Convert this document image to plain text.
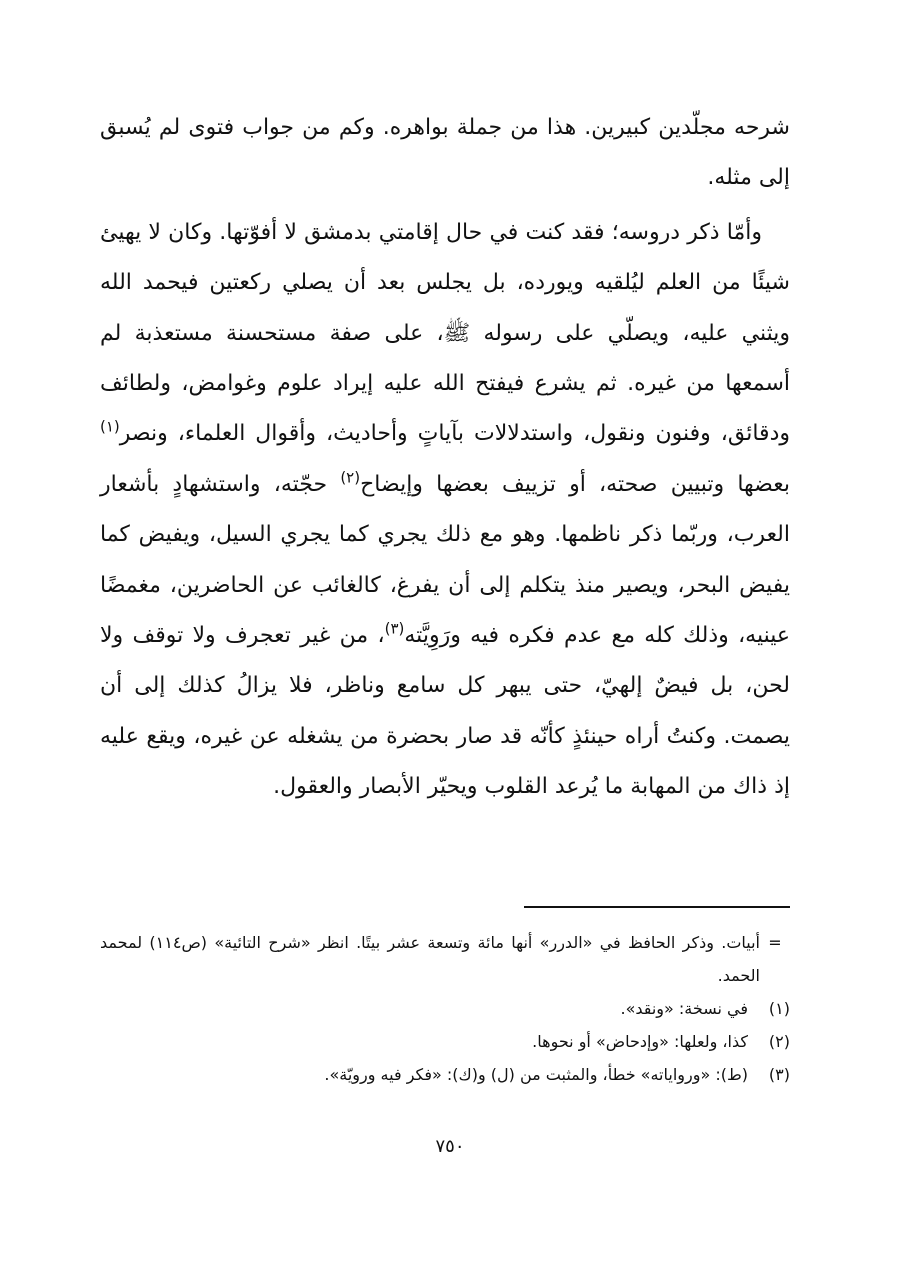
شرحه مجلّدين كبيرين. هذا من جملة بواهره. وكم من جواب فتوى لم يُسبق إلى مثله.

وأمّا ذكر دروسه؛ فقد كنت في حال إقامتي بدمشق لا أفوّتها. وكان لا يهيئ شيئًا من العلم ليُلقيه ويورده، بل يجلس بعد أن يصلي ركعتين فيحمد الله ويثني عليه، ويصلّي على رسوله ﷺ، على صفة مستحسنة مستعذبة لم أسمعها من غيره. ثم يشرع فيفتح الله عليه إيراد علوم وغوامض، ولطائف ودقائق، وفنون ونقول، واستدلالات بآياتٍ وأحاديث، وأقوال العلماء، ونصر$^{(١)}$ بعضها وتبيين صحته، أو تزييف بعضها وإيضاح$^{(٢)}$ حجّته، واستشهادٍ بأشعار العرب، وربّما ذكر ناظمها. وهو مع ذلك يجري كما يجري السيل، ويفيض كما يفيض البحر، ويصير منذ يتكلم إلى أن يفرغ، كالغائب عن الحاضرين، مغمضًا عينيه، وذلك كله مع عدم فكره فيه ورَوِيَّته$^{(٣)}$، من غير تعجرف ولا توقف ولا لحن، بل فيضٌ إلهيّ، حتى يبهر كل سامع وناظر، فلا يزالُ كذلك إلى أن يصمت. وكنتُ أراه حينئذٍ كأنّه قد صار بحضرة من يشغله عن غيره، ويقع عليه إذ ذاك من المهابة ما يُرعد القلوب ويحيّر الأبصار والعقول.

=
أبيات. وذكر الحافظ في «الدرر» أنها مائة وتسعة عشر بيتًا. انظر «شرح التائية» (ص١١٤) لمحمد الحمد.
(١)
في نسخة: «ونقد».
(٢)
كذا، ولعلها: «وإدحاض» أو نحوها.
(٣)
(ط): «ورواياته» خطأ، والمثبت من (ل) و(ك): «فكر فيه ورويّة».
٧٥٠
